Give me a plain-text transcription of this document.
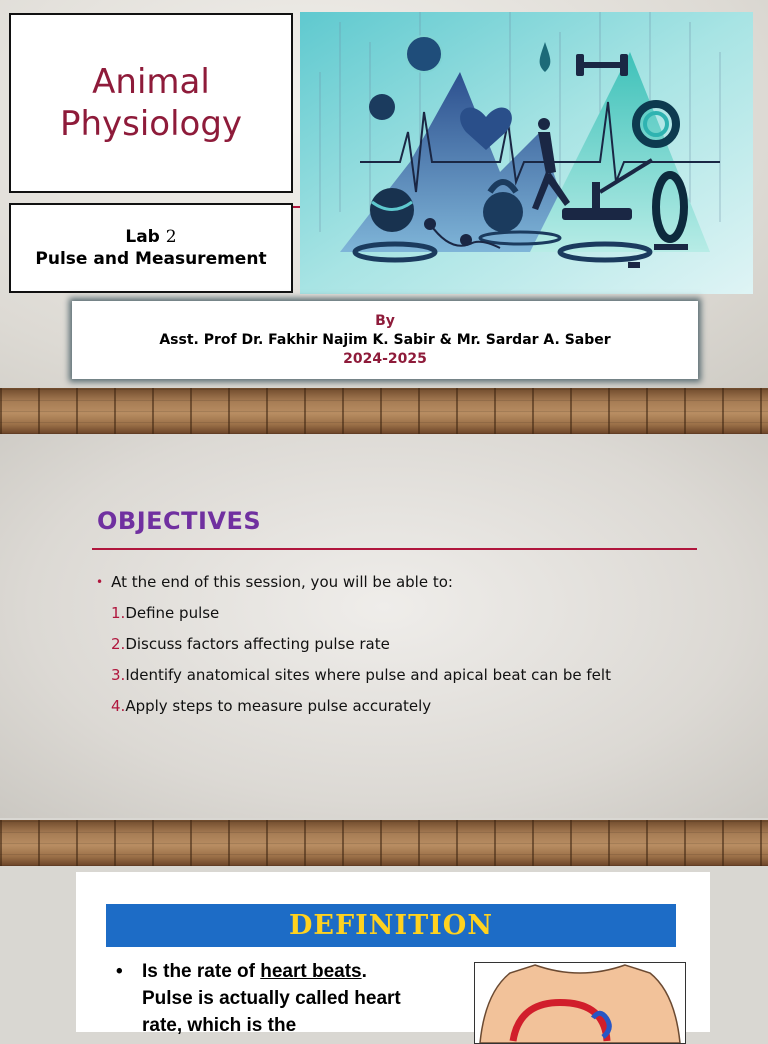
Animal
Physiology
Lab 2
Pulse and Measurement
By
Asst. Prof Dr. Fakhir Najim K. Sabir & Mr. Sardar A. Saber
2024-2025
OBJECTIVES
• At the end of this session, you will be able to:
1. Define pulse
2. Discuss factors affecting pulse rate
3. Identify anatomical sites where pulse and apical beat can be felt
4. Apply steps to measure pulse accurately
DEFINITION
•	Is the rate of heart beats. Pulse is actually called heart rate, which is the
